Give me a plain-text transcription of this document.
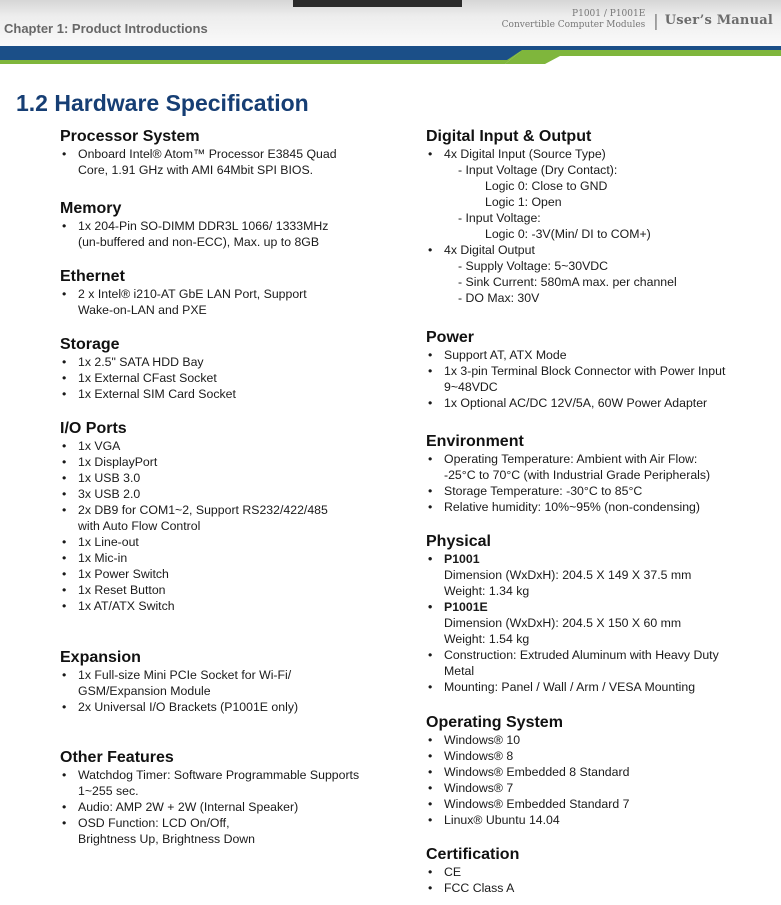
Chapter 1: Product Introductions
P1001 / P1001E
Convertible Computer Modules | User’s Manual
1.2 Hardware Specification
Processor System
• Onboard Intel® Atom™ Processor E3845 Quad
Core, 1.91 GHz with AMI 64Mbit SPI BIOS.
Memory
• 1x 204-Pin SO-DIMM DDR3L 1066/ 1333MHz
(un-buffered and non-ECC), Max. up to 8GB
Ethernet
• 2 x Intel® i210-AT GbE LAN Port, Support
Wake-on-LAN and PXE
Storage
• 1x 2.5" SATA HDD Bay
• 1x External CFast Socket
• 1x External SIM Card Socket
I/O Ports
• 1x VGA
• 1x DisplayPort
• 1x USB 3.0
• 3x USB 2.0
• 2x DB9 for COM1~2, Support RS232/422/485
with Auto Flow Control
• 1x Line-out
• 1x Mic-in
• 1x Power Switch
• 1x Reset Button
• 1x AT/ATX Switch
Expansion
• 1x Full-size Mini PCIe Socket for Wi-Fi/
GSM/Expansion Module
• 2x Universal I/O Brackets (P1001E only)
Other Features
• Watchdog Timer: Software Programmable Supports
1~255 sec.
• Audio: AMP 2W + 2W (Internal Speaker)
• OSD Function: LCD On/Off,
Brightness Up, Brightness Down
Digital Input & Output
• 4x Digital Input (Source Type)
- Input Voltage (Dry Contact):
Logic 0: Close to GND
Logic 1: Open
- Input Voltage:
Logic 0: -3V(Min/ DI to COM+)
• 4x Digital Output
- Supply Voltage: 5~30VDC
- Sink Current: 580mA max. per channel
- DO Max: 30V
Power
• Support AT, ATX Mode
• 1x 3-pin Terminal Block Connector with Power Input
9~48VDC
• 1x Optional AC/DC 12V/5A, 60W Power Adapter
Environment
• Operating Temperature: Ambient with Air Flow:
-25°C to 70°C (with Industrial Grade Peripherals)
• Storage Temperature: -30°C to 85°C
• Relative humidity: 10%~95% (non-condensing)
Physical
• P1001
Dimension (WxDxH): 204.5 X 149 X 37.5 mm
Weight: 1.34 kg
• P1001E
Dimension (WxDxH): 204.5 X 150 X 60 mm
Weight: 1.54 kg
• Construction: Extruded Aluminum with Heavy Duty
Metal
• Mounting: Panel / Wall / Arm / VESA Mounting
Operating System
• Windows® 10
• Windows® 8
• Windows® Embedded 8 Standard
• Windows® 7
• Windows® Embedded Standard 7
• Linux® Ubuntu 14.04
Certification
• CE
• FCC Class A
